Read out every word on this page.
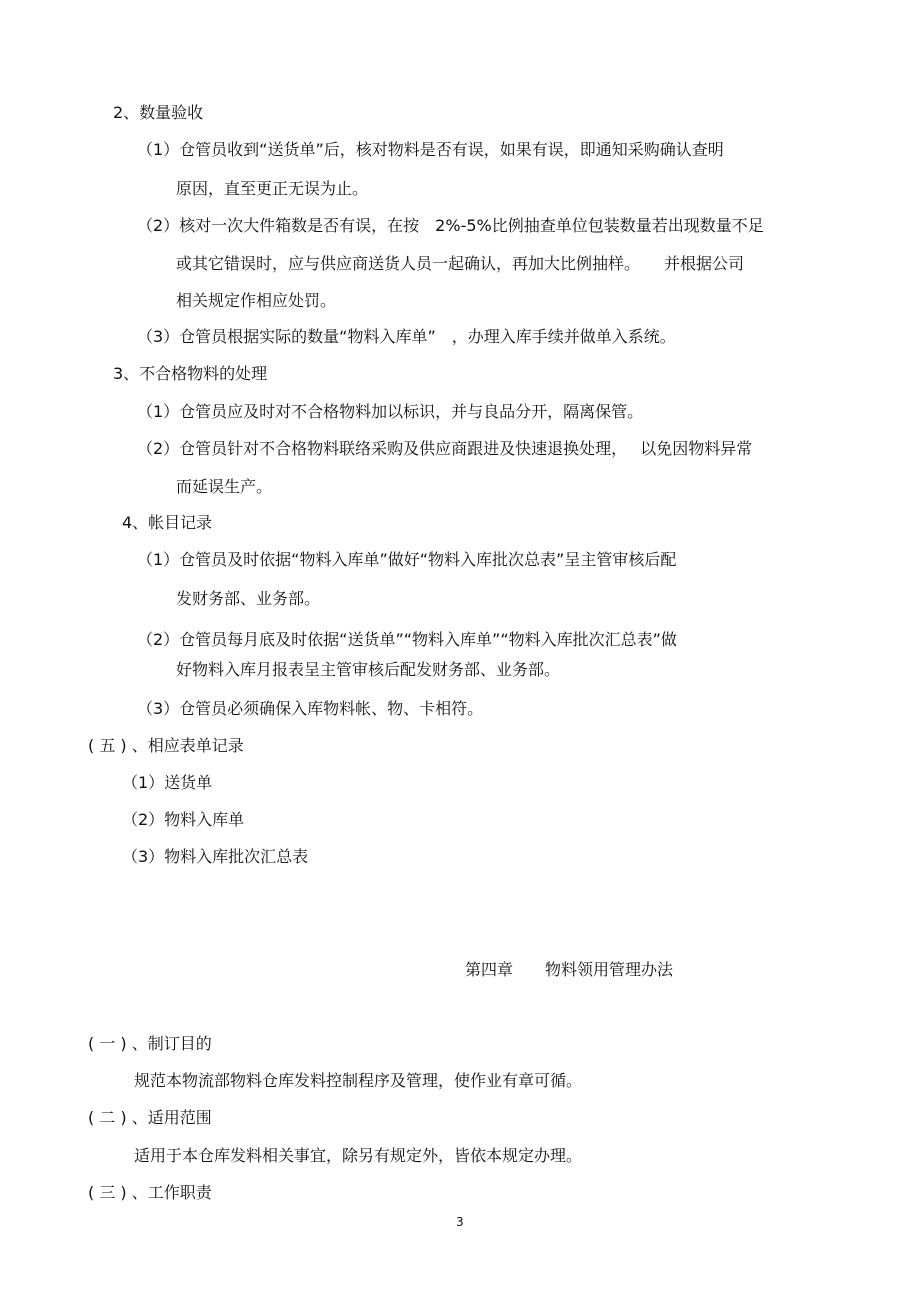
2、数量验收
（1）仓管员收到“送货单”后，核对物料是否有误，如果有误，即通知采购确认查明
原因，直至更正无误为止。
（2）核对一次大件箱数是否有误，在按　2%-5%比例抽查单位包装数量若出现数量不足
或其它错误时，应与供应商送货人员一起确认，再加大比例抽样。　　并根据公司
相关规定作相应处罚。
（3）仓管员根据实际的数量“物料入库单”　，办理入库手续并做单入系统。
3、不合格物料的处理
（1）仓管员应及时对不合格物料加以标识，并与良品分开，隔离保管。
（2）仓管员针对不合格物料联络采购及供应商跟进及快速退换处理，　 以免因物料异常
而延误生产。
4、帐目记录
（1）仓管员及时依据“物料入库单”做好“物料入库批次总表”呈主管审核后配
发财务部、业务部。
（2）仓管员每月底及时依据“送货单”“物料入库单”“物料入库批次汇总表”做
好物料入库月报表呈主管审核后配发财务部、业务部。
（3）仓管员必须确保入库物料帐、物、卡相符。
( 五 ) 、相应表单记录
（1）送货单
（2）物料入库单
（3）物料入库批次汇总表
第四章　　物料领用管理办法
( 一 ) 、制订目的
规范本物流部物料仓库发料控制程序及管理，使作业有章可循。
( 二 ) 、适用范围
适用于本仓库发料相关事宜，除另有规定外，皆依本规定办理。
( 三 ) 、工作职责
3
